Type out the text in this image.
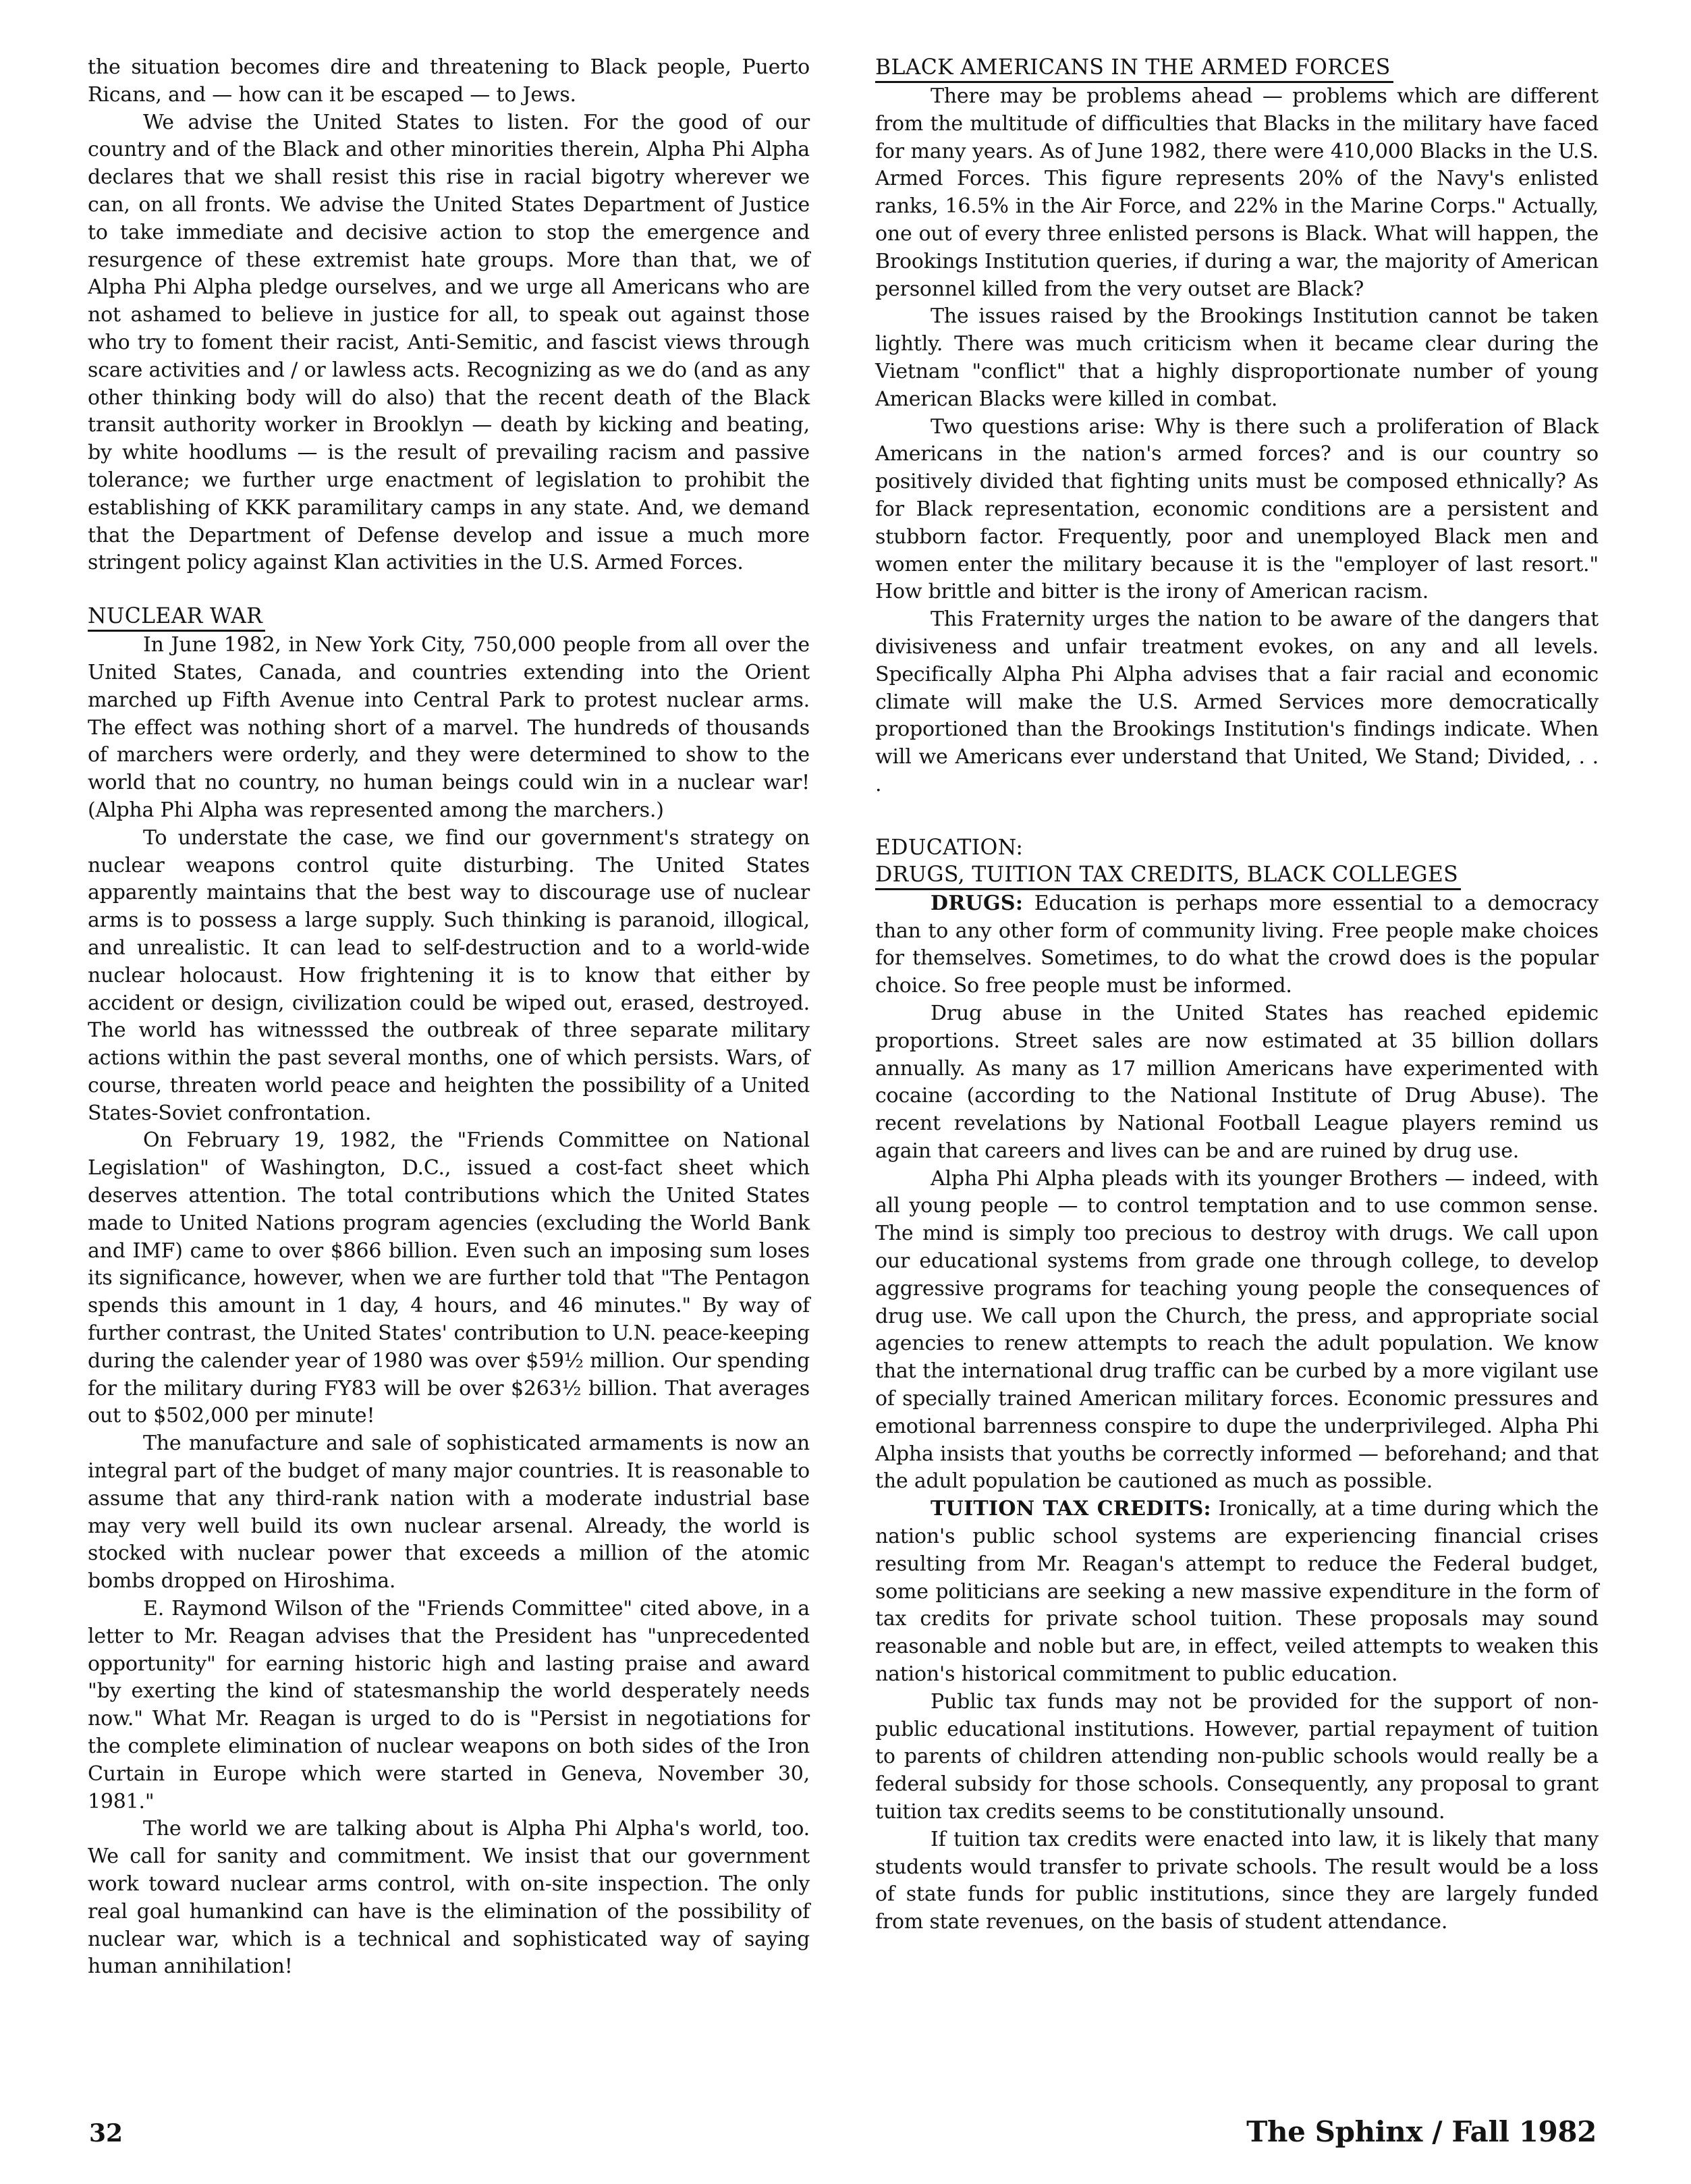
the situation becomes dire and threatening to Black people, Puerto Ricans, and — how can it be escaped — to Jews.

We advise the United States to listen. For the good of our country and of the Black and other minorities therein, Alpha Phi Alpha declares that we shall resist this rise in racial bigotry wherever we can, on all fronts. We advise the United States Department of Justice to take immediate and decisive action to stop the emergence and resurgence of these extremist hate groups. More than that, we of Alpha Phi Alpha pledge ourselves, and we urge all Americans who are not ashamed to believe in justice for all, to speak out against those who try to foment their racist, Anti-Semitic, and fascist views through scare activities and / or lawless acts. Recognizing as we do (and as any other thinking body will do also) that the recent death of the Black transit authority worker in Brooklyn — death by kicking and beating, by white hoodlums — is the result of prevailing racism and passive tolerance; we further urge enactment of legislation to prohibit the establishing of KKK paramilitary camps in any state. And, we demand that the Department of Defense develop and issue a much more stringent policy against Klan activities in the U.S. Armed Forces.

NUCLEAR WAR

In June 1982, in New York City, 750,000 people from all over the United States, Canada, and countries extending into the Orient marched up Fifth Avenue into Central Park to protest nuclear arms. The effect was nothing short of a marvel. The hundreds of thousands of marchers were orderly, and they were determined to show to the world that no country, no human beings could win in a nuclear war! (Alpha Phi Alpha was represented among the marchers.)

To understate the case, we find our government's strategy on nuclear weapons control quite disturbing. The United States apparently maintains that the best way to discourage use of nuclear arms is to possess a large supply. Such thinking is paranoid, illogical, and unrealistic. It can lead to self-destruction and to a world-wide nuclear holocaust. How frightening it is to know that either by accident or design, civilization could be wiped out, erased, destroyed. The world has witnesssed the outbreak of three separate military actions within the past several months, one of which persists. Wars, of course, threaten world peace and heighten the possibility of a United States-Soviet confrontation.

On February 19, 1982, the "Friends Committee on National Legislation" of Washington, D.C., issued a cost-fact sheet which deserves attention. The total contributions which the United States made to United Nations program agencies (excluding the World Bank and IMF) came to over $866 billion. Even such an imposing sum loses its significance, however, when we are further told that "The Pentagon spends this amount in 1 day, 4 hours, and 46 minutes." By way of further contrast, the United States' contribution to U.N. peace-keeping during the calender year of 1980 was over $59½ million. Our spending for the military during FY83 will be over $263½ billion. That averages out to $502,000 per minute!

The manufacture and sale of sophisticated armaments is now an integral part of the budget of many major countries. It is reasonable to assume that any third-rank nation with a moderate industrial base may very well build its own nuclear arsenal. Already, the world is stocked with nuclear power that exceeds a million of the atomic bombs dropped on Hiroshima.

E. Raymond Wilson of the "Friends Committee" cited above, in a letter to Mr. Reagan advises that the President has "unprecedented opportunity" for earning historic high and lasting praise and award "by exerting the kind of statesmanship the world desperately needs now." What Mr. Reagan is urged to do is "Persist in negotiations for the complete elimination of nuclear weapons on both sides of the Iron Curtain in Europe which were started in Geneva, November 30, 1981."

The world we are talking about is Alpha Phi Alpha's world, too. We call for sanity and commitment. We insist that our government work toward nuclear arms control, with on-site inspection. The only real goal humankind can have is the elimination of the possibility of nuclear war, which is a technical and sophisticated way of saying human annihilation!

BLACK AMERICANS IN THE ARMED FORCES

There may be problems ahead — problems which are different from the multitude of difficulties that Blacks in the military have faced for many years. As of June 1982, there were 410,000 Blacks in the U.S. Armed Forces. This figure represents 20% of the Navy's enlisted ranks, 16.5% in the Air Force, and 22% in the Marine Corps." Actually, one out of every three enlisted persons is Black. What will happen, the Brookings Institution queries, if during a war, the majority of American personnel killed from the very outset are Black?

The issues raised by the Brookings Institution cannot be taken lightly. There was much criticism when it became clear during the Vietnam "conflict" that a highly disproportionate number of young American Blacks were killed in combat.

Two questions arise: Why is there such a proliferation of Black Americans in the nation's armed forces? and is our country so positively divided that fighting units must be composed ethnically? As for Black representation, economic conditions are a persistent and stubborn factor. Frequently, poor and unemployed Black men and women enter the military because it is the "employer of last resort." How brittle and bitter is the irony of American racism.

This Fraternity urges the nation to be aware of the dangers that divisiveness and unfair treatment evokes, on any and all levels. Specifically Alpha Phi Alpha advises that a fair racial and economic climate will make the U.S. Armed Services more democratically proportioned than the Brookings Institution's findings indicate. When will we Americans ever understand that United, We Stand; Divided, . . .

EDUCATION:
DRUGS, TUITION TAX CREDITS, BLACK COLLEGES

DRUGS: Education is perhaps more essential to a democracy than to any other form of community living. Free people make choices for themselves. Sometimes, to do what the crowd does is the popular choice. So free people must be informed.

Drug abuse in the United States has reached epidemic proportions. Street sales are now estimated at 35 billion dollars annually. As many as 17 million Americans have experimented with cocaine (according to the National Institute of Drug Abuse). The recent revelations by National Football League players remind us again that careers and lives can be and are ruined by drug use.

Alpha Phi Alpha pleads with its younger Brothers — indeed, with all young people — to control temptation and to use common sense. The mind is simply too precious to destroy with drugs. We call upon our educational systems from grade one through college, to develop aggressive programs for teaching young people the consequences of drug use. We call upon the Church, the press, and appropriate social agencies to renew attempts to reach the adult population. We know that the international drug traffic can be curbed by a more vigilant use of specially trained American military forces. Economic pressures and emotional barrenness conspire to dupe the underprivileged. Alpha Phi Alpha insists that youths be correctly informed — beforehand; and that the adult population be cautioned as much as possible.

TUITION TAX CREDITS: Ironically, at a time during which the nation's public school systems are experiencing financial crises resulting from Mr. Reagan's attempt to reduce the Federal budget, some politicians are seeking a new massive expenditure in the form of tax credits for private school tuition. These proposals may sound reasonable and noble but are, in effect, veiled attempts to weaken this nation's historical commitment to public education.

Public tax funds may not be provided for the support of non-public educational institutions. However, partial repayment of tuition to parents of children attending non-public schools would really be a federal subsidy for those schools. Consequently, any proposal to grant tuition tax credits seems to be constitutionally unsound.

If tuition tax credits were enacted into law, it is likely that many students would transfer to private schools. The result would be a loss of state funds for public institutions, since they are largely funded from state revenues, on the basis of student attendance.

32	The Sphinx / Fall 1982
